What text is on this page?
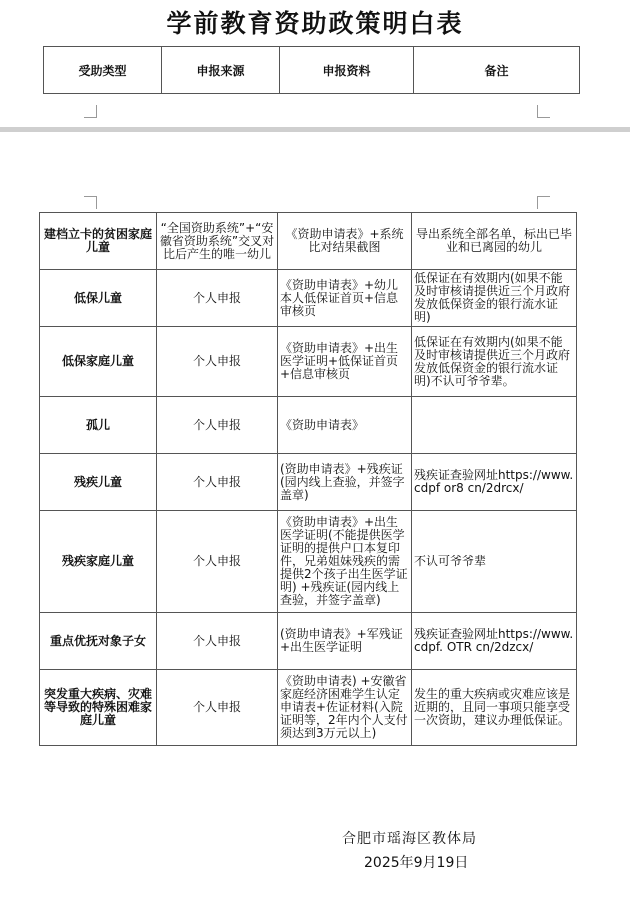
学前教育资助政策明白表
受助类型	申报来源	申报资料	备注
建档立卡的贫困家庭儿童	“全国资助系统”+“安徽省资助系统”交叉对比后产生的唯一幼儿	《资助申请表》+系统比对结果截图	导出系统全部名单，标出已毕业和已离园的幼儿
低保儿童	个人申报	《资助申请表》+幼儿本人低保证首页+信息审核页	低保证在有效期内(如果不能及时审核请提供近三个月政府发放低保资金的银行流水证明)
低保家庭儿童	个人申报	《资助申请表》+出生医学证明+低保证首页+信息审核页	低保证在有效期内(如果不能及时审核请提供近三个月政府发放低保资金的银行流水证明)不认可爷爷辈。
孤儿	个人申报	《资助申请表》	
残疾儿童	个人申报	(资助申请表》+残疾证(园内线上查验，并签字盖章)	残疾证查验网址https://www. cdpf or8 cn/2drcx/
残疾家庭儿童	个人申报	《资助申请表》+出生医学证明(不能提供医学证明的提供户口本复印件，兄弟姐妹残疾的需提供2个孩子出生医学证明) +残疾证(园内线上查验，并签字盖章)	不认可爷爷辈
重点优抚对象子女	个人申报	(资助申请表》+军残证+出生医学证明	残疾证查验网址https://www. cdpf. OTR cn/2dzcx/
突发重大疾病、灾难等导致的特殊困难家庭儿童	个人申报	《资助申请表) +安徽省家庭经济困难学生认定申请表+佐证材料(入院证明等，2年内个人支付须达到3万元以上)	发生的重大疾病或灾难应该是近期的，且同一事项只能享受一次资助，建议办理低保证。
合肥市瑶海区教体局
2025年9月19日
